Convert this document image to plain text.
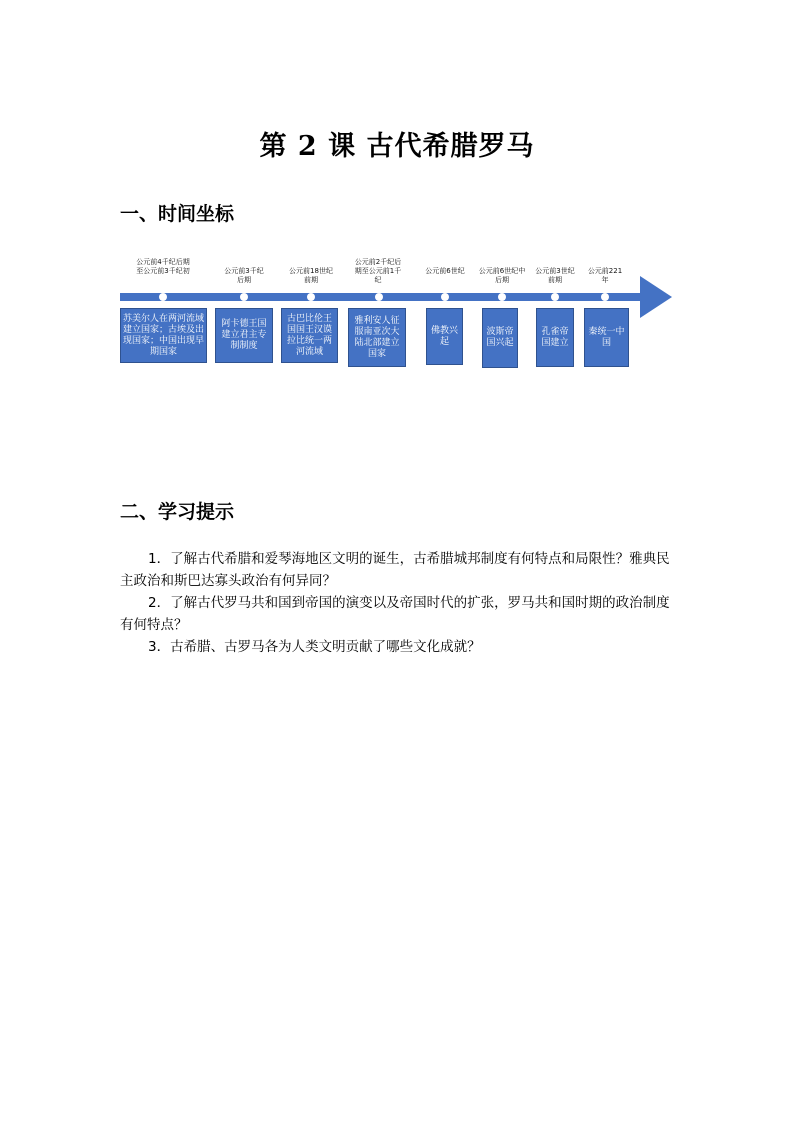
第 2 课 古代希腊罗马
一、时间坐标
公元前4千纪后期至公元前3千纪初
苏美尔人在两河流域建立国家；古埃及出现国家；中国出现早期国家
公元前3千纪后期
阿卡德王国建立君主专制制度
公元前18世纪前期
古巴比伦王国国王汉谟拉比统一两河流域
公元前2千纪后期至公元前1千纪
雅利安人征服南亚次大陆北部建立国家
公元前6世纪
佛教兴起
公元前6世纪中后期
波斯帝国兴起
公元前3世纪前期
孔雀帝国建立
公元前221年
秦统一中国
二、学习提示

1．了解古代希腊和爱琴海地区文明的诞生，古希腊城邦制度有何特点和局限性？雅典民主政治和斯巴达寡头政治有何异同？

2．了解古代罗马共和国到帝国的演变以及帝国时代的扩张，罗马共和国时期的政治制度有何特点？

3．古希腊、古罗马各为人类文明贡献了哪些文化成就？
